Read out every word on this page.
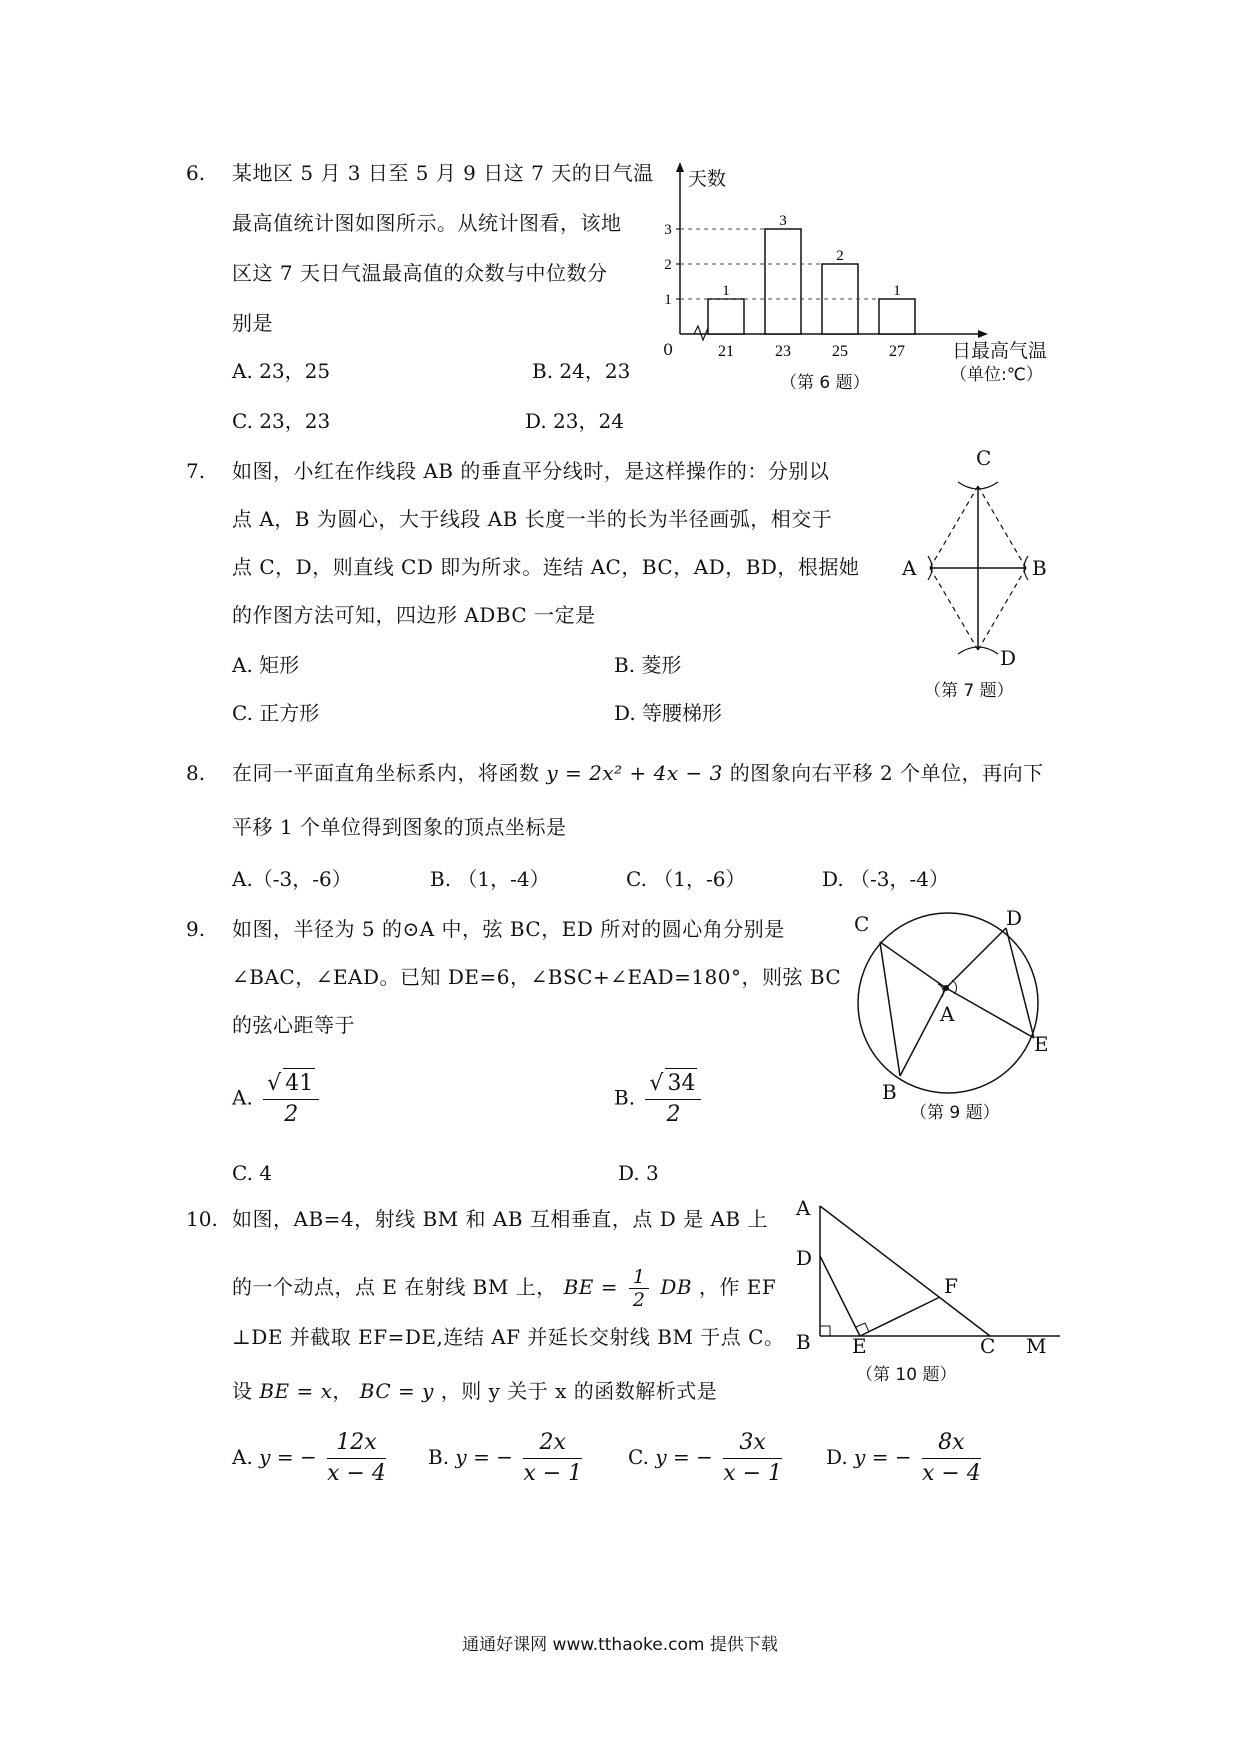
6. 某地区 5 月 3 日至 5 月 9 日这 7 天的日气温
最高值统计图如图所示。从统计图看，该地
区这 7 天日气温最高值的众数与中位数分
别是
A. 23，25	B. 24，23
C. 23，23	D. 23，24
1
2
3
1
21
3
23
2
25
1
27
天数
0	日最高气温
（单位:℃）
（第 6 题）
7. 如图，小红在作线段 AB 的垂直平分线时，是这样操作的：分别以
点 A，B 为圆心，大于线段 AB 长度一半的长为半径画弧，相交于
点 C，D，则直线 CD 即为所求。连结 AC，BC，AD，BD，根据她
的作图方法可知，四边形 ADBC 一定是
A. 矩形	B. 菱形
C. 正方形	D. 等腰梯形
C
D
A	B
（第 7 题）
8. 在同一平面直角坐标系内，将函数 y = 2x² + 4x − 3 的图象向右平移 2 个单位，再向下
平移 1 个单位得到图象的顶点坐标是
A.（-3，-6）	B. （1，-4）	C. （1，-6）	D. （-3，-4）
9. 如图，半径为 5 的⊙A 中，弦 BC，ED 所对的圆心角分别是
∠BAC，∠EAD。已知 DE=6，∠BSC+∠EAD=180°，则弦 BC
的弦心距等于
A. $\frac{√ 41}{2}$	B. $\frac{√ 34}{2}$
C. 4	D. 3
C	D
A
E
B
（第 9 题）
10. 如图，AB=4，射线 BM 和 AB 互相垂直，点 D 是 AB 上
的一个动点，点 E 在射线 BM 上， BE = $\frac{1}{2}$ DB ，作 EF
⊥DE 并截取 EF=DE,连结 AF 并延长交射线 BM 于点 C。
设 BE = x， BC = y ，则 y 关于 x 的函数解析式是
A. y = − $\frac{12x}{x - 4} B$. y = − $\frac{2x}{x - 1} C$. y = − $\frac{3x}{x - 1} D$. y = − $\frac{8x}{x - 4}$
A
D
B E
F
C M
（第 10 题）
通通好课网 www.tthaoke.com 提供下载
